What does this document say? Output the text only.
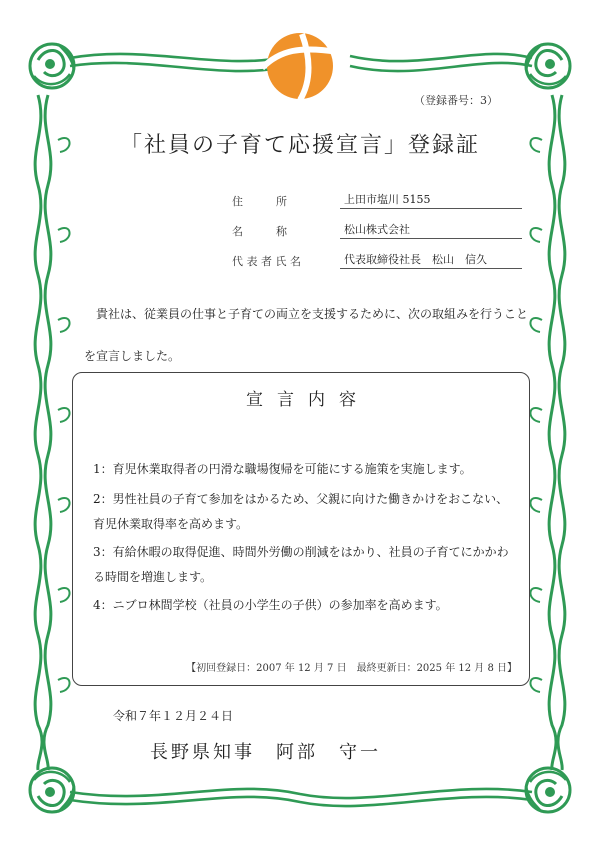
（登録番号：3）
「社員の子育て応援宣言」登録証
住　　　所	上田市塩川 5155
名　　　称	松山株式会社
代 表 者 氏 名	代表取締役社長　松山　信久
　貴社は、従業員の仕事と子育ての両立を支援するために、次の取組みを行うことを宣言しました。
宣言内容
1：育児休業取得者の円滑な職場復帰を可能にする施策を実施します。
2：男性社員の子育て参加をはかるため、父親に向けた働きかけをおこない、育児休業取得率を高めます。
3：有給休暇の取得促進、時間外労働の削減をはかり、社員の子育てにかかわる時間を増進します。
4：ニブロ林間学校（社員の小学生の子供）の参加率を高めます。
【初回登録日：2007 年 12 月 7 日　最終更新日：2025 年 12 月 8 日】
令和７年１２月２４日
長野県知事　阿部　守一
